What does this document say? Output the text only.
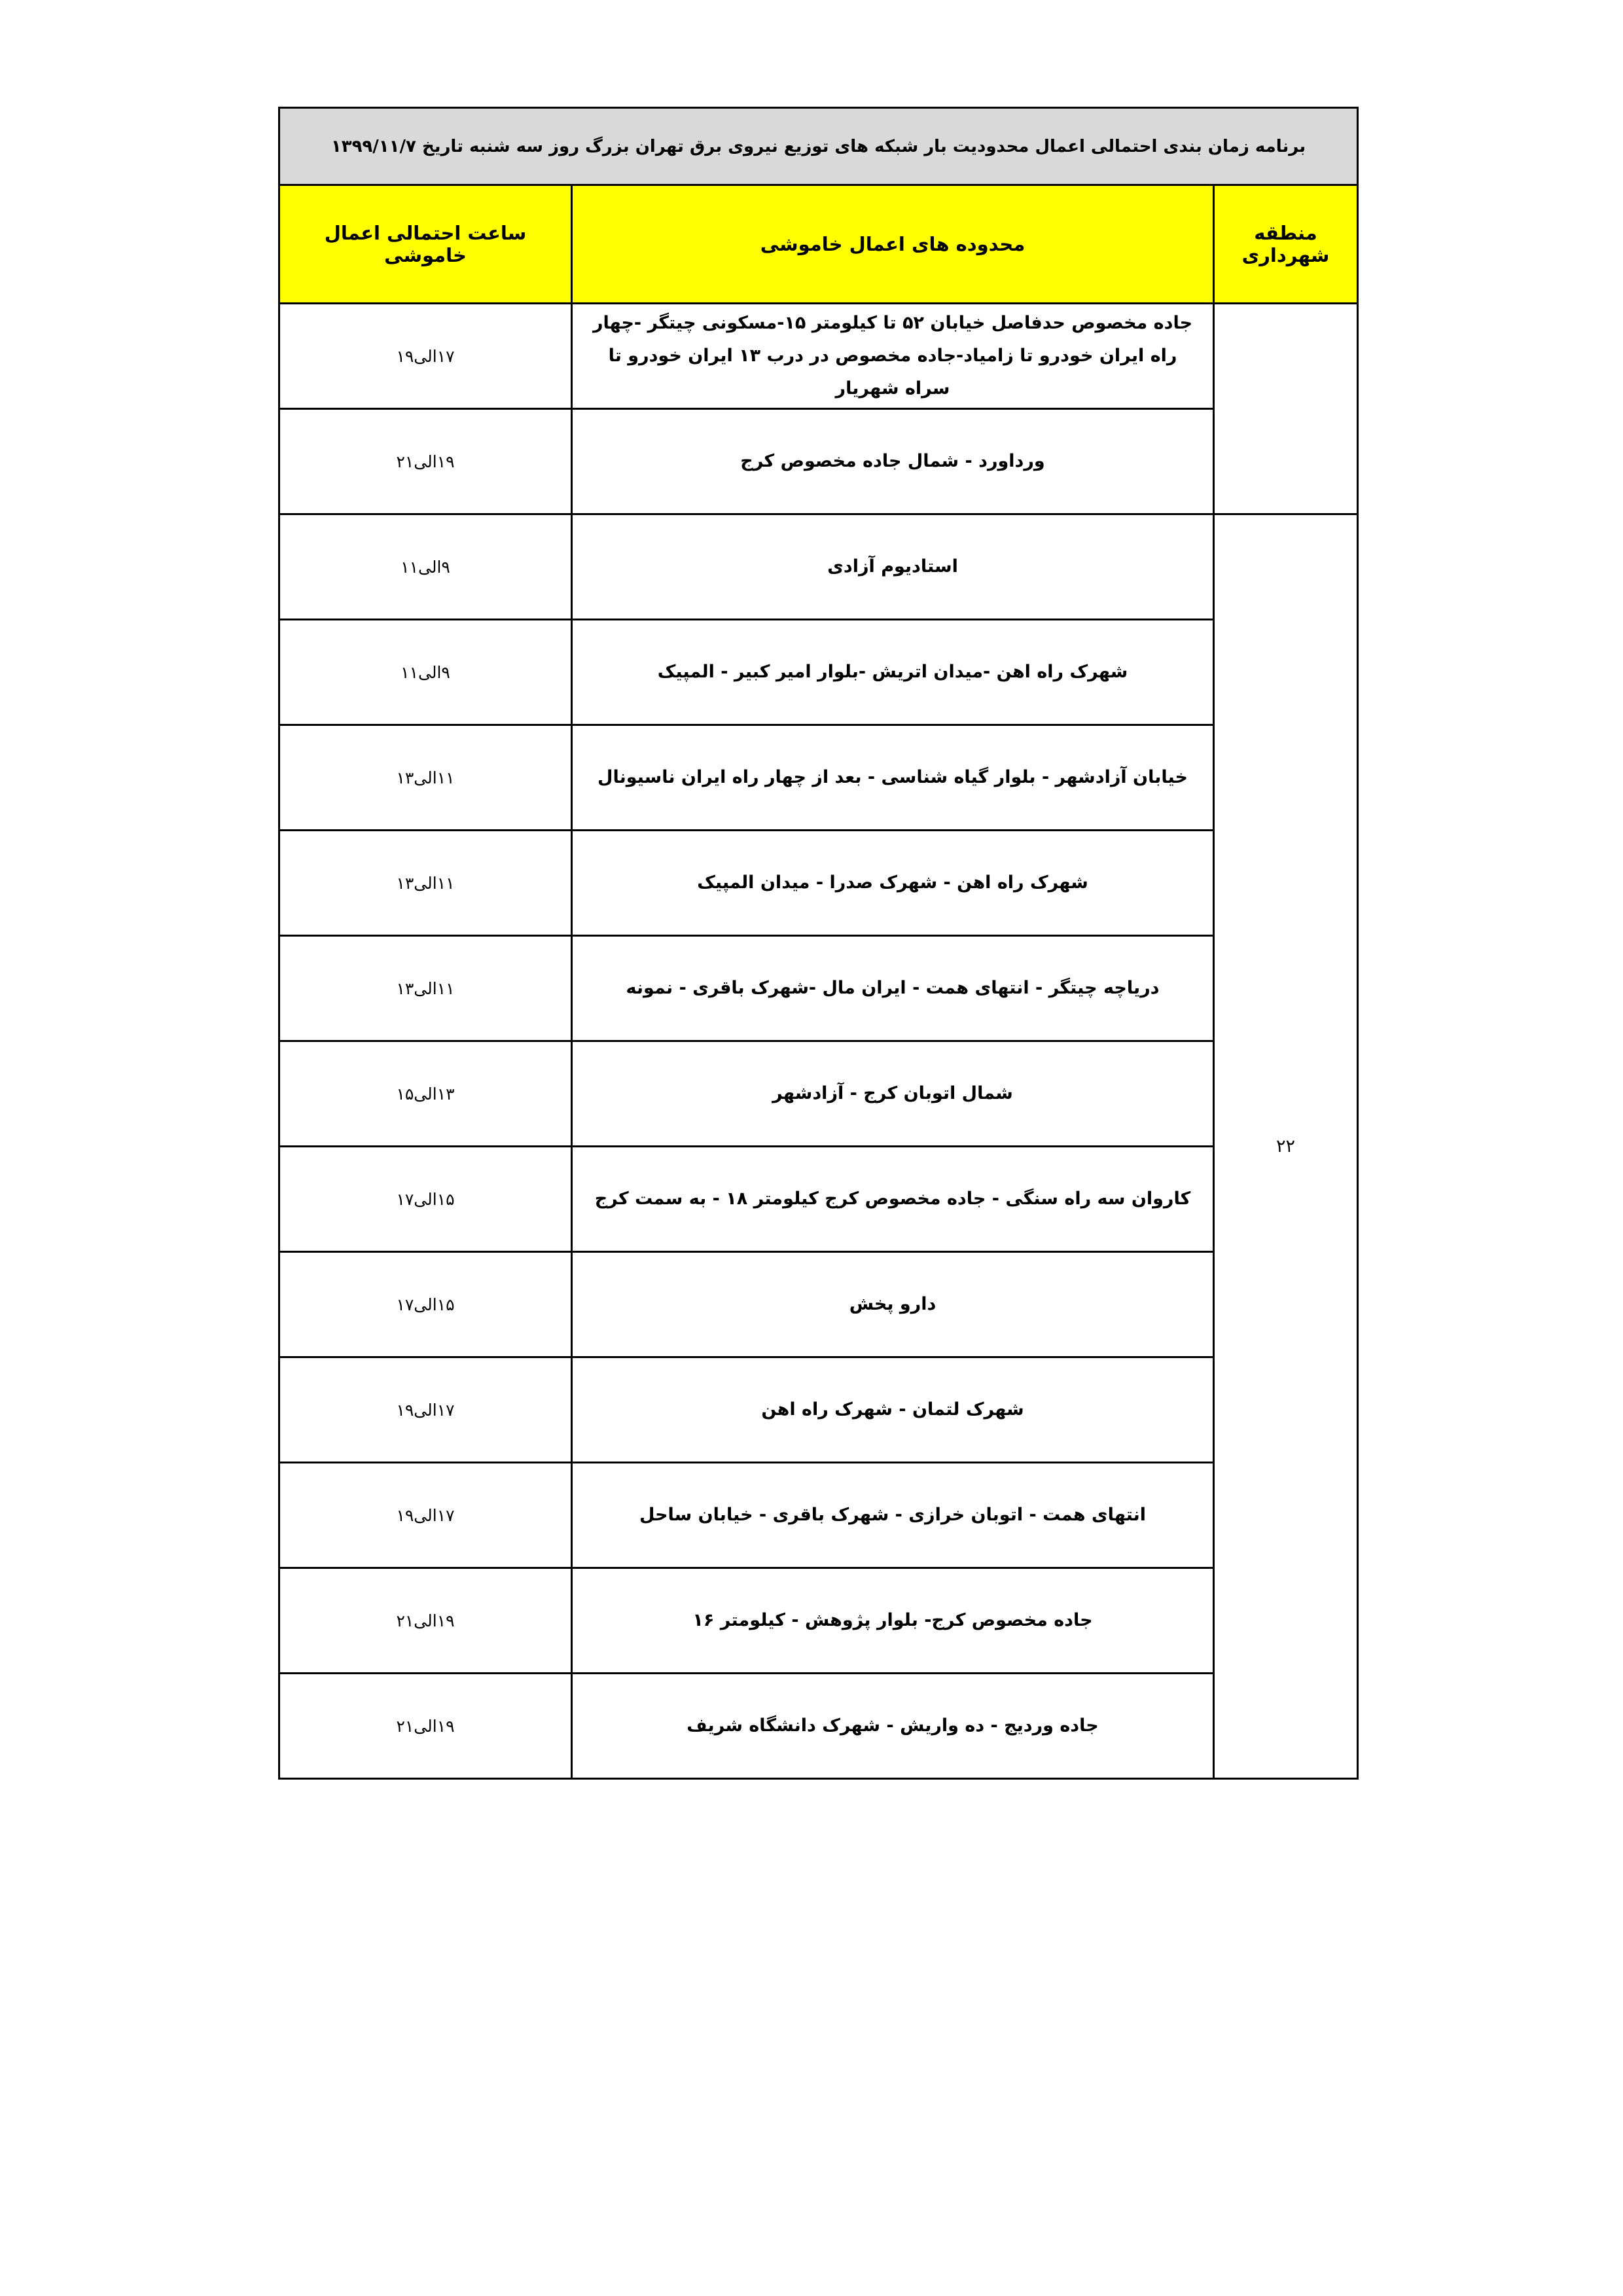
برنامه زمان بندی احتمالی اعمال محدودیت بار شبکه های توزیع نیروی برق تهران بزرگ روز سه شنبه تاریخ ۱۳۹۹/۱۱/۷		
منطقه شهرداری	محدوده های اعمال خاموشی	ساعت احتمالی اعمال خاموشی
	جاده مخصوص حدفاصل خیابان ۵۲ تا کیلومتر ۱۵-مسکونی چیتگر -چهار راه ایران خودرو تا زامیاد-جاده مخصوص در درب ۱۳ ایران خودرو تا سراه شهریار	۱۷الی۱۹
	ورداورد - شمال جاده مخصوص کرج	۱۹الی۲۱
۲۲	استادیوم آزادی	۹الی۱۱
	شهرک راه اهن -میدان اتریش -بلوار امیر کبیر - المپیک	۹الی۱۱
	خیابان آزادشهر - بلوار گیاه شناسی - بعد از چهار راه ایران ناسیونال	۱۱الی۱۳
	شهرک راه اهن - شهرک صدرا - میدان المپیک	۱۱الی۱۳
	دریاچه چیتگر - انتهای همت - ایران مال -شهرک باقری - نمونه	۱۱الی۱۳
	شمال اتوبان کرج - آزادشهر	۱۳الی۱۵
	کاروان سه راه سنگی - جاده مخصوص کرج کیلومتر ۱۸ - به سمت کرج	۱۵الی۱۷
	دارو پخش	۱۵الی۱۷
	شهرک لتمان - شهرک راه اهن	۱۷الی۱۹
	انتهای همت - اتوبان خرازی - شهرک باقری - خیابان ساحل	۱۷الی۱۹
	جاده مخصوص کرج- بلوار پژوهش - کیلومتر ۱۶	۱۹الی۲۱
	جاده وردیج - ده واریش - شهرک دانشگاه شریف	۱۹الی۲۱
